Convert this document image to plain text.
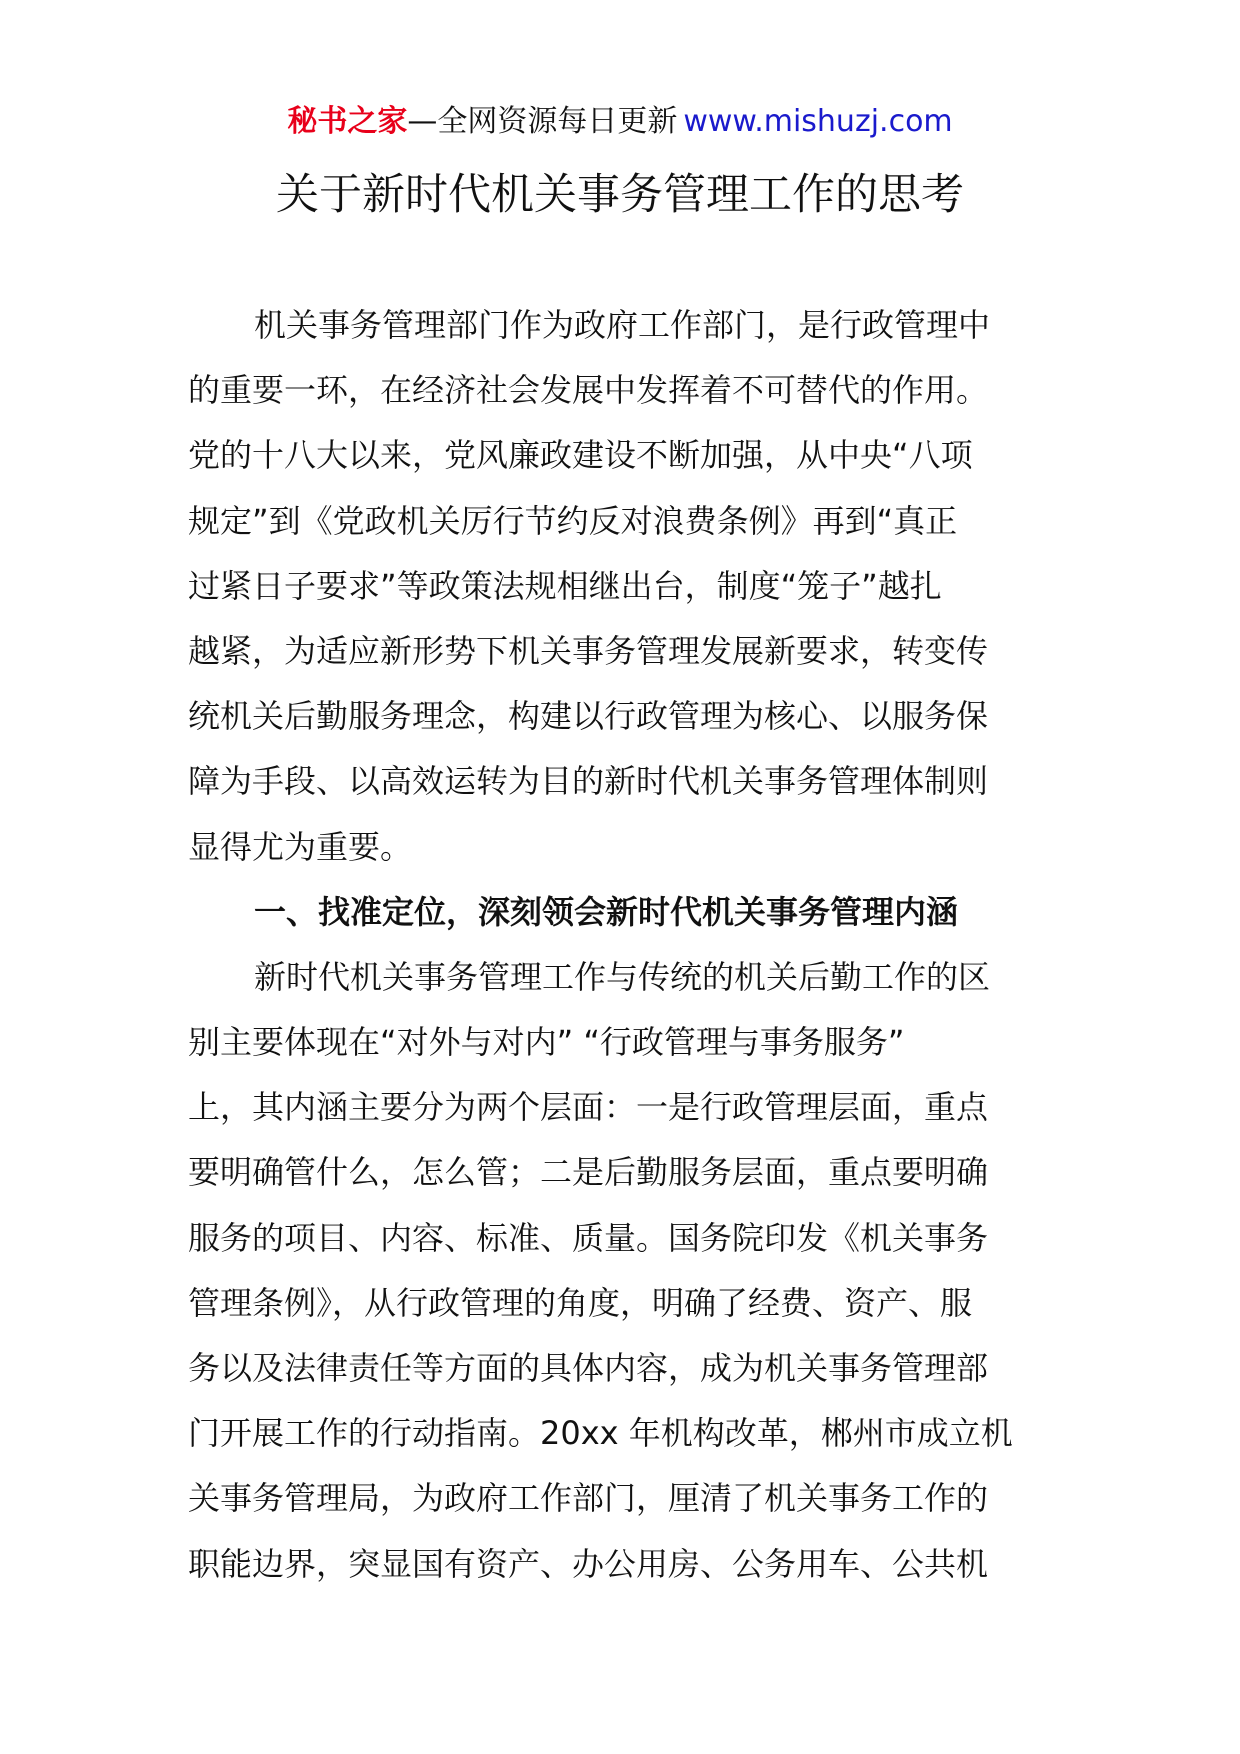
秘书之家—全网资源每日更新 www.mishuzj.com
关于新时代机关事务管理工作的思考
机关事务管理部门作为政府工作部门，是行政管理中
的重要一环，在经济社会发展中发挥着不可替代的作用。
党的十八大以来，党风廉政建设不断加强，从中央“八项
规定”到《党政机关厉行节约反对浪费条例》再到“真正
过紧日子要求”等政策法规相继出台，制度“笼子”越扎
越紧，为适应新形势下机关事务管理发展新要求，转变传
统机关后勤服务理念，构建以行政管理为核心、以服务保
障为手段、以高效运转为目的新时代机关事务管理体制则
显得尤为重要。
一、找准定位，深刻领会新时代机关事务管理内涵
新时代机关事务管理工作与传统的机关后勤工作的区
别主要体现在“对外与对内” “行政管理与事务服务”
上，其内涵主要分为两个层面：一是行政管理层面，重点
要明确管什么，怎么管；二是后勤服务层面，重点要明确
服务的项目、内容、标准、质量。国务院印发《机关事务
管理条例》，从行政管理的角度，明确了经费、资产、服
务以及法律责任等方面的具体内容，成为机关事务管理部
门开展工作的行动指南。20xx 年机构改革，郴州市成立机
关事务管理局，为政府工作部门，厘清了机关事务工作的
职能边界，突显国有资产、办公用房、公务用车、公共机
